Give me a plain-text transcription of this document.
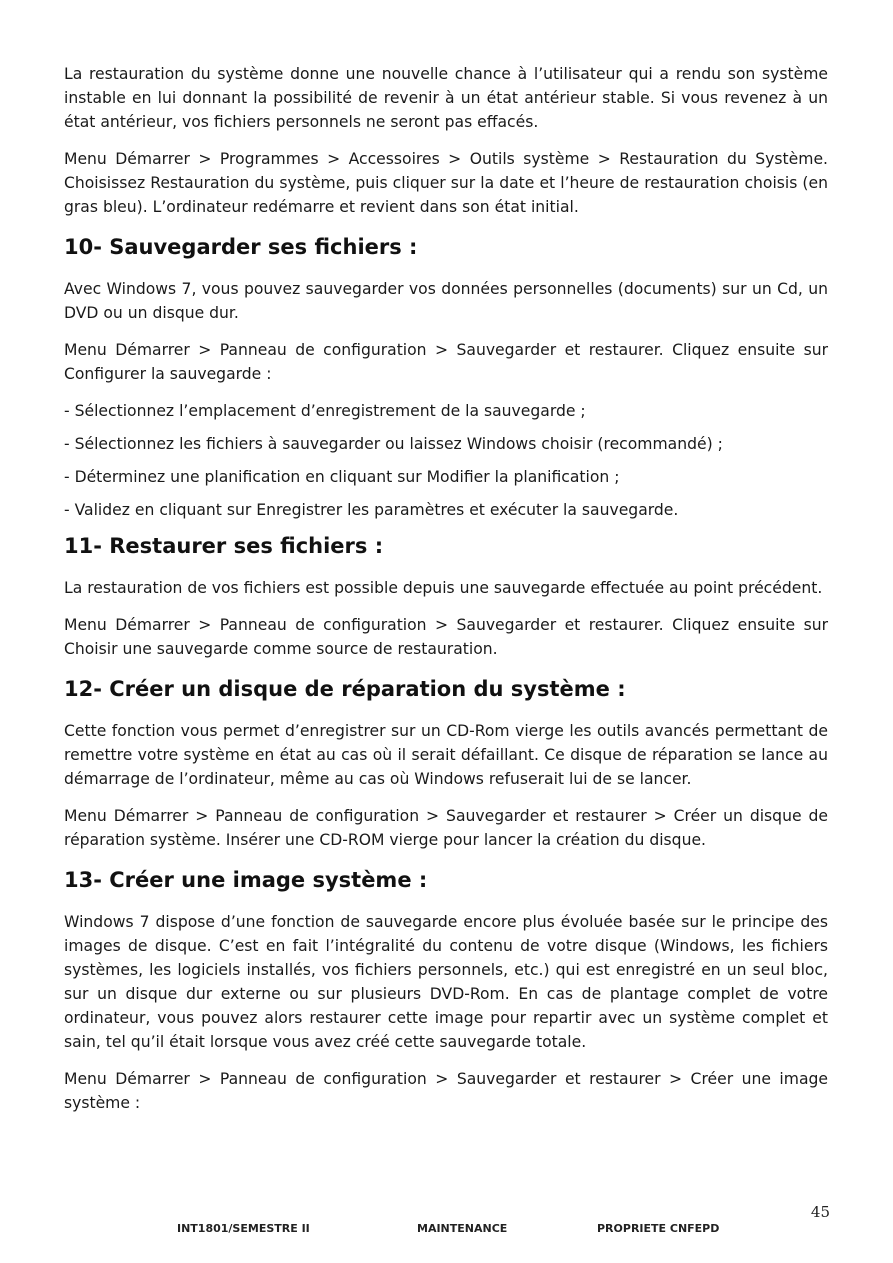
La restauration du système donne une nouvelle chance à l’utilisateur qui a rendu son système instable en lui donnant la possibilité de revenir à un état antérieur stable. Si vous revenez à un état antérieur, vos fichiers personnels ne seront pas effacés.

Menu Démarrer > Programmes > Accessoires > Outils système > Restauration du Système. Choisissez Restauration du système, puis cliquer sur la date et l’heure de restauration choisis (en gras bleu). L’ordinateur redémarre et revient dans son état initial.

10- Sauvegarder ses fichiers :

Avec Windows 7, vous pouvez sauvegarder vos données personnelles (documents) sur un Cd, un DVD ou un disque dur.

Menu Démarrer > Panneau de configuration > Sauvegarder et restaurer. Cliquez ensuite sur Configurer la sauvegarde :

- Sélectionnez l’emplacement d’enregistrement de la sauvegarde ;

- Sélectionnez les fichiers à sauvegarder ou laissez Windows choisir (recommandé) ;

- Déterminez une planification en cliquant sur Modifier la planification ;

- Validez en cliquant sur Enregistrer les paramètres et exécuter la sauvegarde.

11- Restaurer ses fichiers :

La restauration de vos fichiers est possible depuis une sauvegarde effectuée au point précédent.

Menu Démarrer > Panneau de configuration > Sauvegarder et restaurer. Cliquez ensuite sur Choisir une sauvegarde comme source de restauration.

12- Créer un disque de réparation du système :

Cette fonction vous permet d’enregistrer sur un CD-Rom vierge les outils avancés permettant de remettre votre système en état au cas où il serait défaillant. Ce disque de réparation se lance au démarrage de l’ordinateur, même au cas où Windows refuserait lui de se lancer.

Menu Démarrer > Panneau de configuration > Sauvegarder et restaurer > Créer un disque de réparation système. Insérer une CD-ROM vierge pour lancer la création du disque.

13- Créer une image système :

Windows 7 dispose d’une fonction de sauvegarde encore plus évoluée basée sur le principe des images de disque. C’est en fait l’intégralité du contenu de votre disque (Windows, les fichiers systèmes, les logiciels installés, vos fichiers personnels, etc.) qui est enregistré en un seul bloc, sur un disque dur externe ou sur plusieurs DVD-Rom. En cas de plantage complet de votre ordinateur, vous pouvez alors restaurer cette image pour repartir avec un système complet et sain, tel qu’il était lorsque vous avez créé cette sauvegarde totale.

Menu Démarrer > Panneau de configuration > Sauvegarder et restaurer > Créer une image système :

45
INT1801/SEMESTRE II	MAINTENANCE	PROPRIETE CNFEPD
